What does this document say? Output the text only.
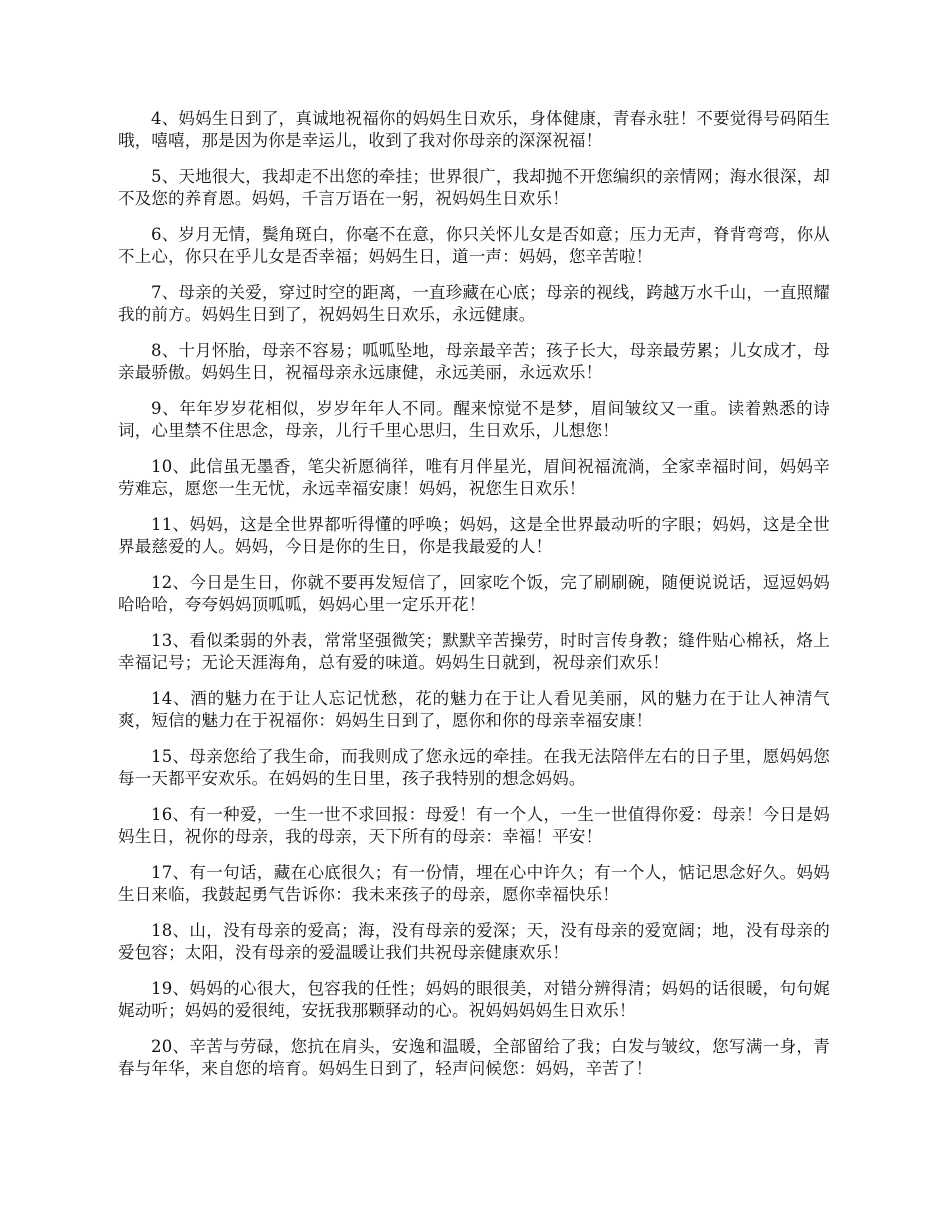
4、妈妈生日到了，真诚地祝福你的妈妈生日欢乐，身体健康，青春永驻！不要觉得号码陌生哦，嘻嘻，那是因为你是幸运儿，收到了我对你母亲的深深祝福！

5、天地很大，我却走不出您的牵挂；世界很广，我却抛不开您编织的亲情网；海水很深，却不及您的养育恩。妈妈，千言万语在一躬，祝妈妈生日欢乐！

6、岁月无情，鬓角斑白，你毫不在意，你只关怀儿女是否如意；压力无声，脊背弯弯，你从不上心，你只在乎儿女是否幸福；妈妈生日，道一声：妈妈，您辛苦啦！

7、母亲的关爱，穿过时空的距离，一直珍藏在心底；母亲的视线，跨越万水千山，一直照耀我的前方。妈妈生日到了，祝妈妈生日欢乐，永远健康。

8、十月怀胎，母亲不容易；呱呱坠地，母亲最辛苦；孩子长大，母亲最劳累；儿女成才，母亲最骄傲。妈妈生日，祝福母亲永远康健，永远美丽，永远欢乐！

9、年年岁岁花相似，岁岁年年人不同。醒来惊觉不是梦，眉间皱纹又一重。读着熟悉的诗词，心里禁不住思念，母亲，儿行千里心思归，生日欢乐，儿想您！

10、此信虽无墨香，笔尖祈愿徜徉，唯有月伴星光，眉间祝福流淌，全家幸福时间，妈妈辛劳难忘，愿您一生无忧，永远幸福安康！妈妈，祝您生日欢乐！

11、妈妈，这是全世界都听得懂的呼唤；妈妈，这是全世界最动听的字眼；妈妈，这是全世界最慈爱的人。妈妈，今日是你的生日，你是我最爱的人！

12、今日是生日，你就不要再发短信了，回家吃个饭，完了刷刷碗，随便说说话，逗逗妈妈哈哈哈，夸夸妈妈顶呱呱，妈妈心里一定乐开花！

13、看似柔弱的外表，常常坚强微笑；默默辛苦操劳，时时言传身教；缝件贴心棉袄，烙上幸福记号；无论天涯海角，总有爱的味道。妈妈生日就到，祝母亲们欢乐！

14、酒的魅力在于让人忘记忧愁，花的魅力在于让人看见美丽，风的魅力在于让人神清气爽，短信的魅力在于祝福你：妈妈生日到了，愿你和你的母亲幸福安康！

15、母亲您给了我生命，而我则成了您永远的牵挂。在我无法陪伴左右的日子里，愿妈妈您每一天都平安欢乐。在妈妈的生日里，孩子我特别的想念妈妈。

16、有一种爱，一生一世不求回报：母爱！有一个人，一生一世值得你爱：母亲！今日是妈妈生日，祝你的母亲，我的母亲，天下所有的母亲：幸福！平安！

17、有一句话，藏在心底很久；有一份情，埋在心中许久；有一个人，惦记思念好久。妈妈生日来临，我鼓起勇气告诉你：我未来孩子的母亲，愿你幸福快乐！

18、山，没有母亲的爱高；海，没有母亲的爱深；天，没有母亲的爱宽阔；地，没有母亲的爱包容；太阳，没有母亲的爱温暖让我们共祝母亲健康欢乐！

19、妈妈的心很大，包容我的任性；妈妈的眼很美，对错分辨得清；妈妈的话很暖，句句娓娓动听；妈妈的爱很纯，安抚我那颗驿动的心。祝妈妈妈妈生日欢乐！

20、辛苦与劳碌，您抗在肩头，安逸和温暖，全部留给了我；白发与皱纹，您写满一身，青春与年华，来自您的培育。妈妈生日到了，轻声问候您：妈妈，辛苦了！
